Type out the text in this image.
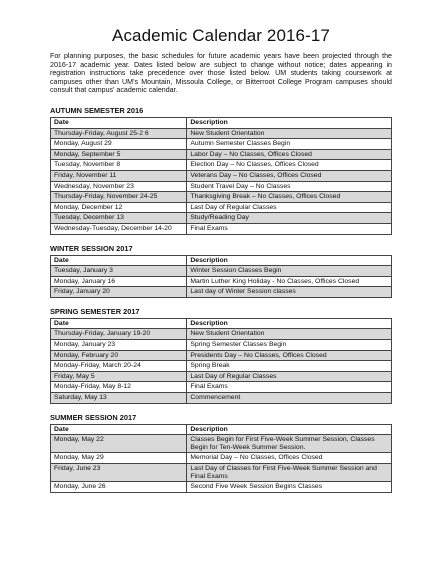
Academic Calendar 2016-17

For planning purposes, the basic schedules for future academic years have been projected through the 2016-17 academic year. Dates listed below are subject to change without notice; dates appearing in registration instructions take precedence over those listed below. UM students taking coursework at campuses other than UM's Mountain, Missoula College, or Bitterroot College Program campuses should consult that campus' academic calendar.

AUTUMN SEMESTER 2016
Date	Description
Thursday-Friday, August 25-2 6	New Student Orientation
Monday, August 29	Autumn Semester Classes Begin
Monday, September 5	Labor Day – No Classes, Offices Closed
Tuesday, November 8	Election Day – No Classes, Offices Closed
Friday, November 11	Veterans Day – No Classes, Offices Closed
Wednesday, November 23	Student Travel Day – No Classes
Thursday-Friday, November 24-25	Thanksgiving Break – No Classes, Offices Closed
Monday, December 12	Last Day of Regular Classes
Tuesday, December 13	Study/Reading Day
Wednesday-Tuesday, December 14-20	Final Exams
WINTER SESSION 2017
Date	Description
Tuesday, January 3	Winter Session Classes Begin
Monday, January 16	Martin Luther King Holiday - No Classes, Offices Closed
Friday, January 20	Last day of Winter Session classes
SPRING SEMESTER 2017
Date	Description
Thursday-Friday, January 19-20	New Student Orientation
Monday, January 23	Spring Semester Classes Begin
Monday, February 20	Presidents Day – No Classes, Offices Closed
Monday-Friday, March 20-24	Spring Break
Friday, May 5	Last Day of Regular Classes
Monday-Friday, May 8-12	Final Exams
Saturday, May 13	Commencement
SUMMER SESSION 2017
Date	Description
Monday, May 22	Classes Begin for First Five-Week Summer Session, Classes Begin for Ten-Week Summer Session.
Monday, May 29	Memorial Day – No Classes, Offices Closed
Friday, June 23	Last Day of Classes for First Five-Week Summer Session and Final Exams
Monday, June 26	Second Five Week Session Begins Classes
